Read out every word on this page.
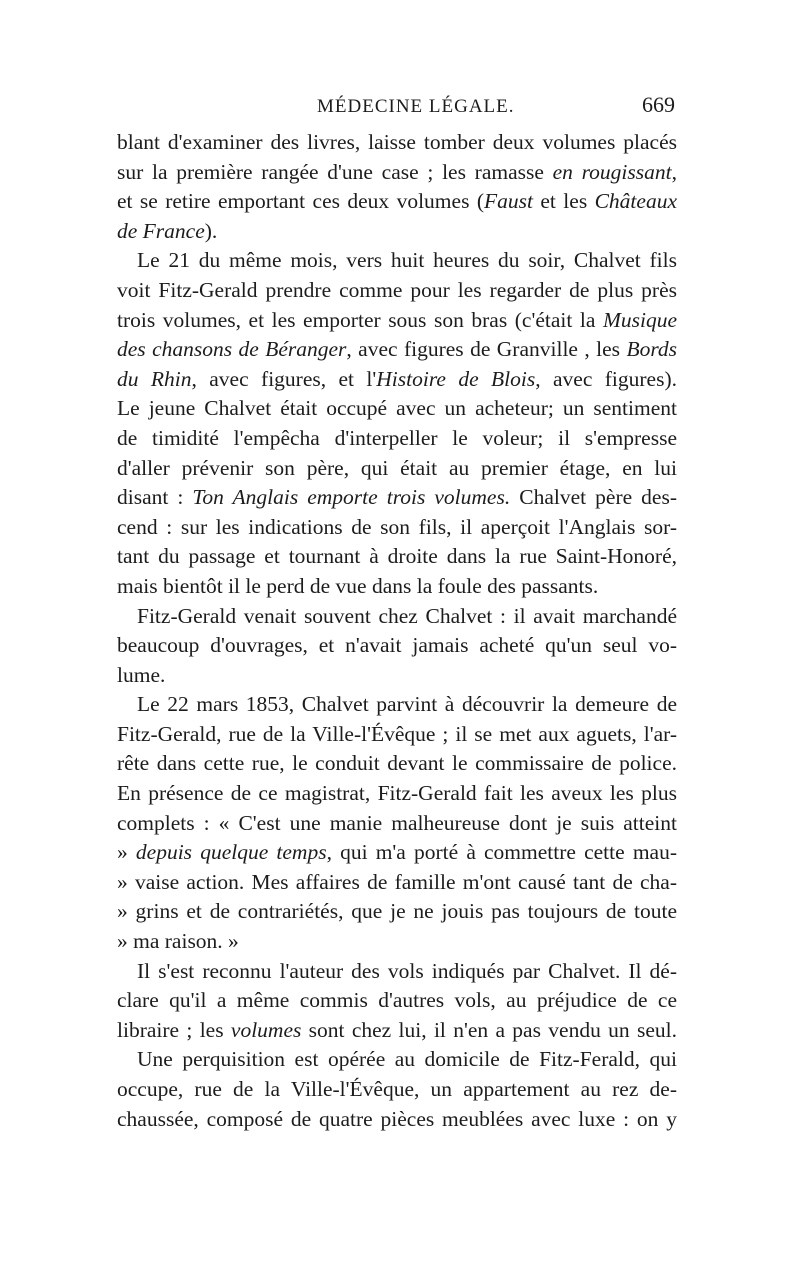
MÉDECINE LÉGALE.	669
blant d'examiner des livres, laisse tomber deux volumes placés
sur la première rangée d'une case ; les ramasse en rougissant,
et se retire emportant ces deux volumes (Faust et les Châteaux
de France).
Le 21 du même mois, vers huit heures du soir, Chalvet fils
voit Fitz-Gerald prendre comme pour les regarder de plus près
trois volumes, et les emporter sous son bras (c'était la Musique
des chansons de Béranger, avec figures de Granville , les Bords
du Rhin, avec figures, et l'Histoire de Blois, avec figures).
Le jeune Chalvet était occupé avec un acheteur; un sentiment
de timidité l'empêcha d'interpeller le voleur; il s'empresse
d'aller prévenir son père, qui était au premier étage, en lui
disant : Ton Anglais emporte trois volumes. Chalvet père des-
cend : sur les indications de son fils, il aperçoit l'Anglais sor-
tant du passage et tournant à droite dans la rue Saint-Honoré,
mais bientôt il le perd de vue dans la foule des passants.
Fitz-Gerald venait souvent chez Chalvet : il avait marchandé
beaucoup d'ouvrages, et n'avait jamais acheté qu'un seul vo-
lume.
Le 22 mars 1853, Chalvet parvint à découvrir la demeure de
Fitz-Gerald, rue de la Ville-l'Évêque ; il se met aux aguets, l'ar-
rête dans cette rue, le conduit devant le commissaire de police.
En présence de ce magistrat, Fitz-Gerald fait les aveux les plus
complets : « C'est une manie malheureuse dont je suis atteint
» depuis quelque temps, qui m'a porté à commettre cette mau-
» vaise action. Mes affaires de famille m'ont causé tant de cha-
» grins et de contrariétés, que je ne jouis pas toujours de toute
» ma raison. »
Il s'est reconnu l'auteur des vols indiqués par Chalvet. Il dé-
clare qu'il a même commis d'autres vols, au préjudice de ce
libraire ; les volumes sont chez lui, il n'en a pas vendu un seul.
Une perquisition est opérée au domicile de Fitz-Ferald, qui
occupe, rue de la Ville-l'Évêque, un appartement au rez de-
chaussée, composé de quatre pièces meublées avec luxe : on y
